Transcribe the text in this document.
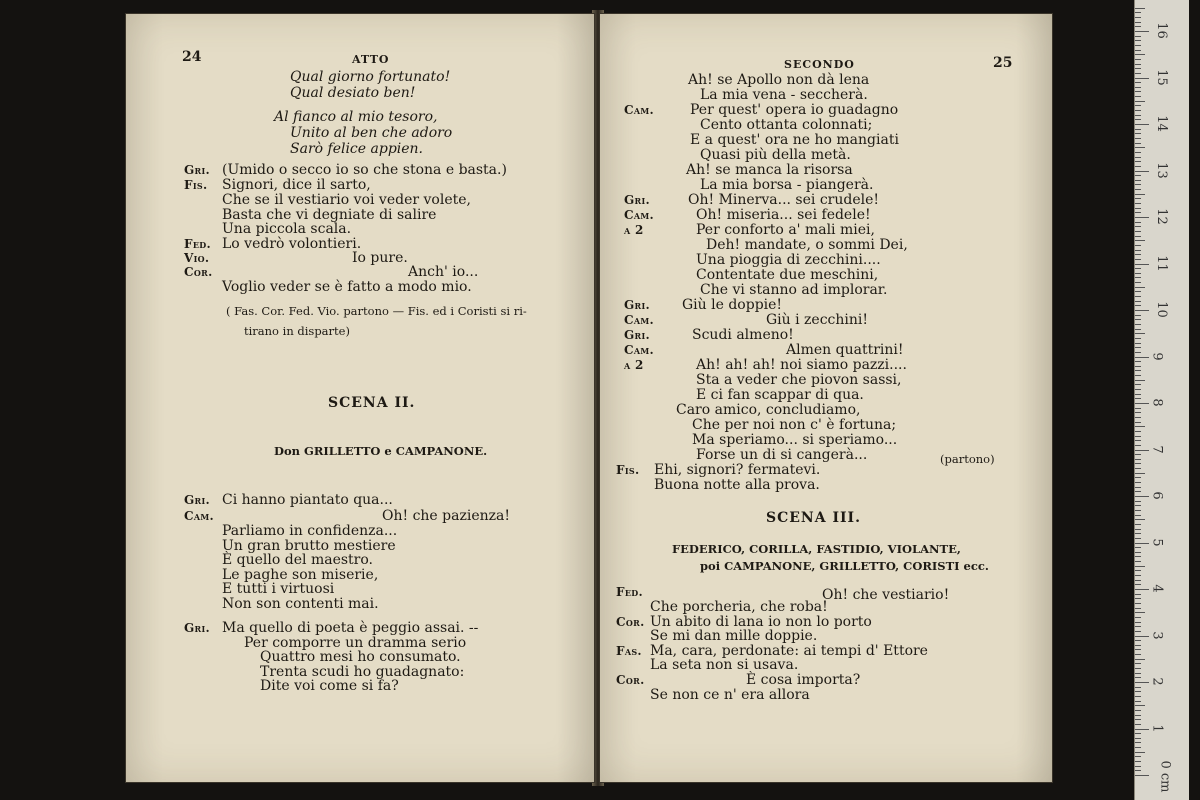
24	ATTO
Qual giorno fortunato!
Qual desiato ben!
Al fianco al mio tesoro,
Unito al ben che adoro
Sarò felice appien.
Gri. (Umido o secco io so che stona e basta.)
Fis. Signori, dice il sarto,
Che se il vestiario voi veder volete,
Basta che vi degniate di salire
Una piccola scala.
Fed. Lo vedrò volontieri.
Vio.	Io pure.
Cor.	Anch' io...
Voglio veder se è fatto a modo mio.
( Fas. Cor. Fed. Vio. partono — Fis. ed i Coristi si ri-
tirano in disparte)
SCENA II.
Don GRILLETTO e CAMPANONE.
Gri. Ci hanno piantato qua...
Cam.	Oh! che pazienza!
Parliamo in confidenza...
Un gran brutto mestiere
È quello del maestro.
Le paghe son miserie,
E tutti i virtuosi
Non son contenti mai.
Gri. Ma quello di poeta è peggio assai. --
Per comporre un dramma serio
Quattro mesi ho consumato.
Trenta scudi ho guadagnato:
Dite voi come si fa?
SECONDO	25
Ah! se Apollo non dà lena
La mia vena - seccherà.
Cam.	Per quest' opera io guadagno
Cento ottanta colonnati;
E a quest' ora ne ho mangiati
Quasi più della metà.
Ah! se manca la risorsa
La mia borsa - piangerà.
Gri.	Oh! Minerva... sei crudele!
Cam.	Oh! miseria... sei fedele!
a 2	Per conforto a' mali miei,
Deh! mandate, o sommi Dei,
Una pioggia di zecchini....
Contentate due meschini,
Che vi stanno ad implorar.
Gri. Giù le doppie!
Cam.	Giù i zecchini!
Gri.	Scudi almeno!
Cam.	Almen quattrini!
a 2	Ah! ah! ah! noi siamo pazzi....
Sta a veder che piovon sassi,
E ci fan scappar di qua.
Caro amico, concludiamo,
Che per noi non c' è fortuna;
Ma speriamo... si speriamo...
Forse un di si cangerà...
Fis. Ehi, signori? fermatevi.
Buona notte alla prova.
(partono)
SCENA III.
FEDERICO, CORILLA, FASTIDIO, VIOLANTE,
poi CAMPANONE, GRILLETTO, CORISTI ecc.
Fed.	Oh! che vestiario!
Che porcheria, che roba!
Cor. Un abito di lana io non lo porto
Se mi dan mille doppie.
Fas. Ma, cara, perdonate: ai tempi d' Ettore
La seta non si usava.
Cor.	È cosa importa?
Se non ce n' era allora
0 cm
1
2
3
4
5
6
7
8
9
10
11
12
13
14
15
16
